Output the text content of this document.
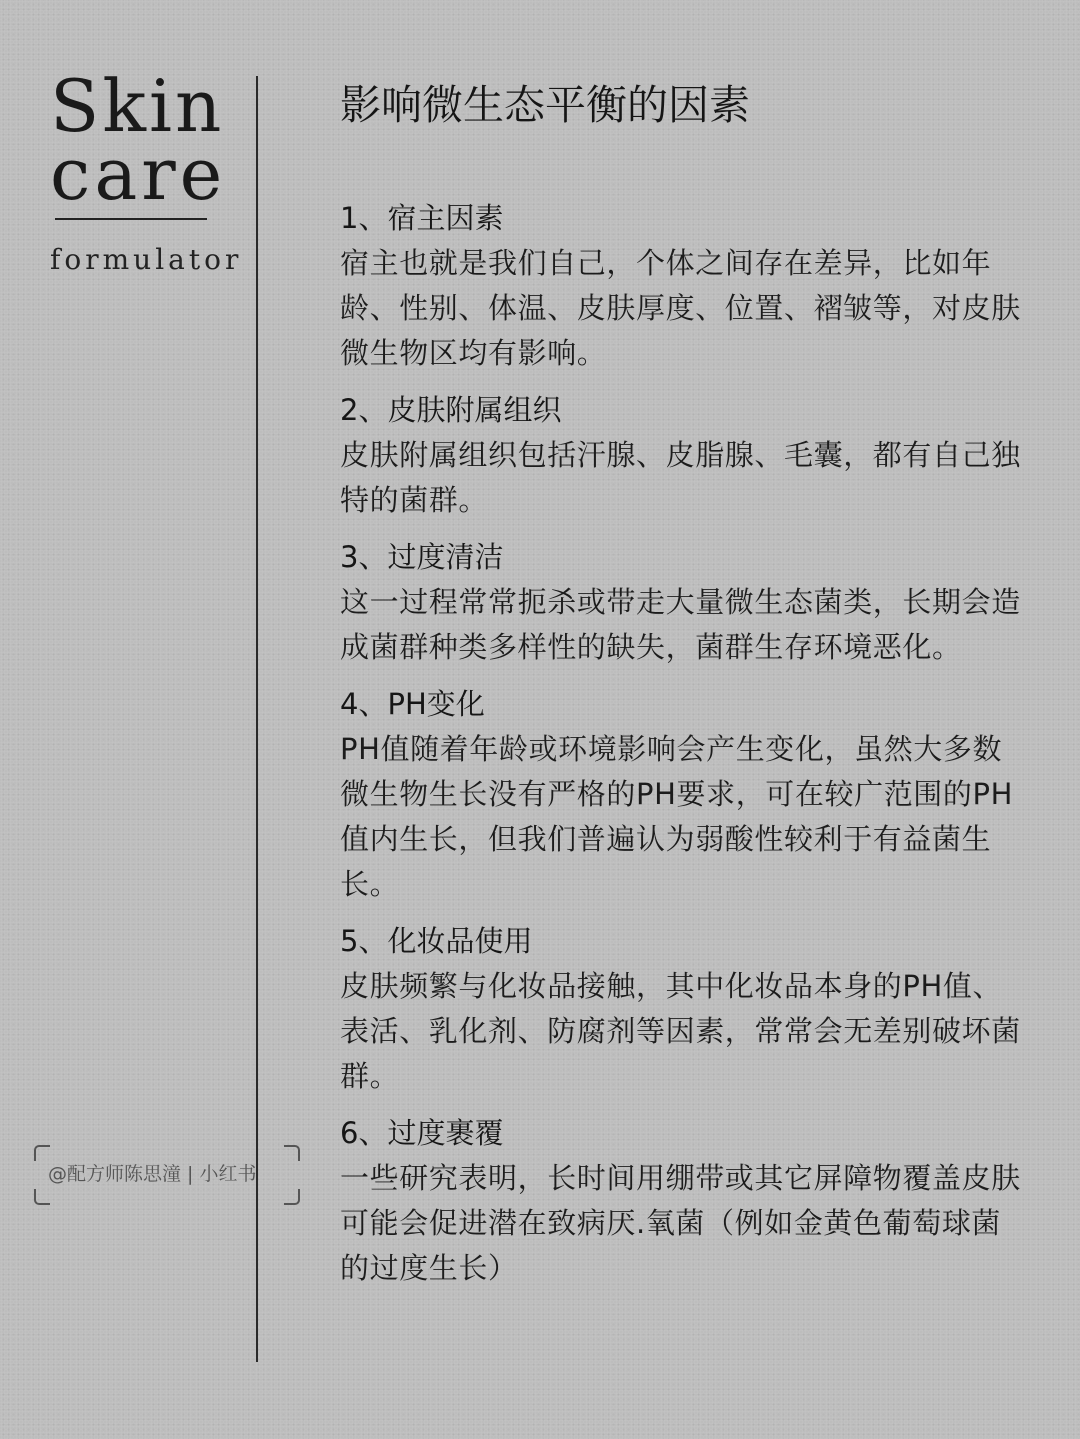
Skin
care
formulator
@配方师陈思潼 | 小红书
影响微生态平衡的因素
1、宿主因素
宿主也就是我们自己，个体之间存在差异，比如年龄、性别、体温、皮肤厚度、位置、褶皱等，对皮肤微生物区均有影响。
2、皮肤附属组织
皮肤附属组织包括汗腺、皮脂腺、毛囊，都有自己独特的菌群。
3、过度清洁
这一过程常常扼杀或带走大量微生态菌类，长期会造成菌群种类多样性的缺失，菌群生存环境恶化。
4、PH变化
PH值随着年龄或环境影响会产生变化，虽然大多数微生物生长没有严格的PH要求，可在较广范围的PH值内生长，但我们普遍认为弱酸性较利于有益菌生长。
5、化妆品使用
皮肤频繁与化妆品接触，其中化妆品本身的PH值、表活、乳化剂、防腐剂等因素，常常会无差别破坏菌群。
6、过度裹覆
一些研究表明，长时间用绷带或其它屏障物覆盖皮肤可能会促进潜在致病厌.氧菌（例如金黄色葡萄球菌的过度生长）
